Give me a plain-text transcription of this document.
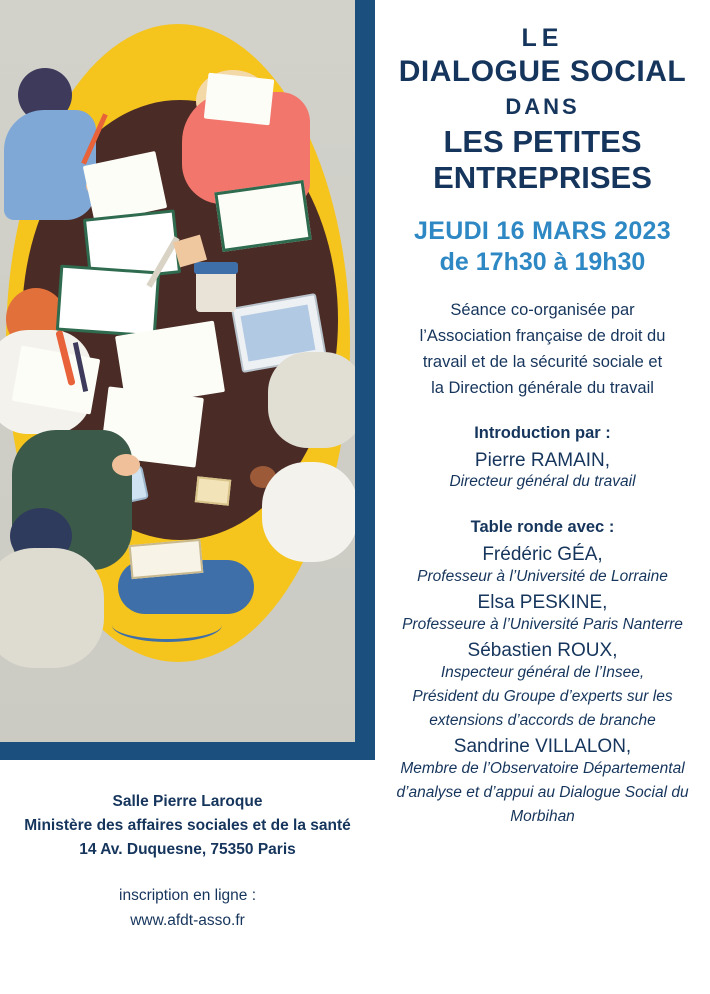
LE
DIALOGUE SOCIAL
DANS
LES PETITES
ENTREPRISES
JEUDI 16 MARS 2023
de 17h30 à 19h30
Séance co-organisée par
l’Association française de droit du
travail et de la sécurité sociale et
la Direction générale du travail
Introduction par :
Pierre RAMAIN,
Directeur général du travail
Table ronde avec :
Frédéric GÉA,
Professeur à l’Université de Lorraine
Elsa PESKINE,
Professeure à l’Université Paris Nanterre
Sébastien ROUX,
Inspecteur général de l’Insee,
Président du Groupe d’experts sur les
extensions d’accords de branche
Sandrine VILLALON,
Membre de l’Observatoire Départemental
d’analyse et d’appui au Dialogue Social du
Morbihan
Salle Pierre Laroque
Ministère des affaires sociales et de la santé
14 Av. Duquesne, 75350 Paris
inscription en ligne :
www.afdt-asso.fr
